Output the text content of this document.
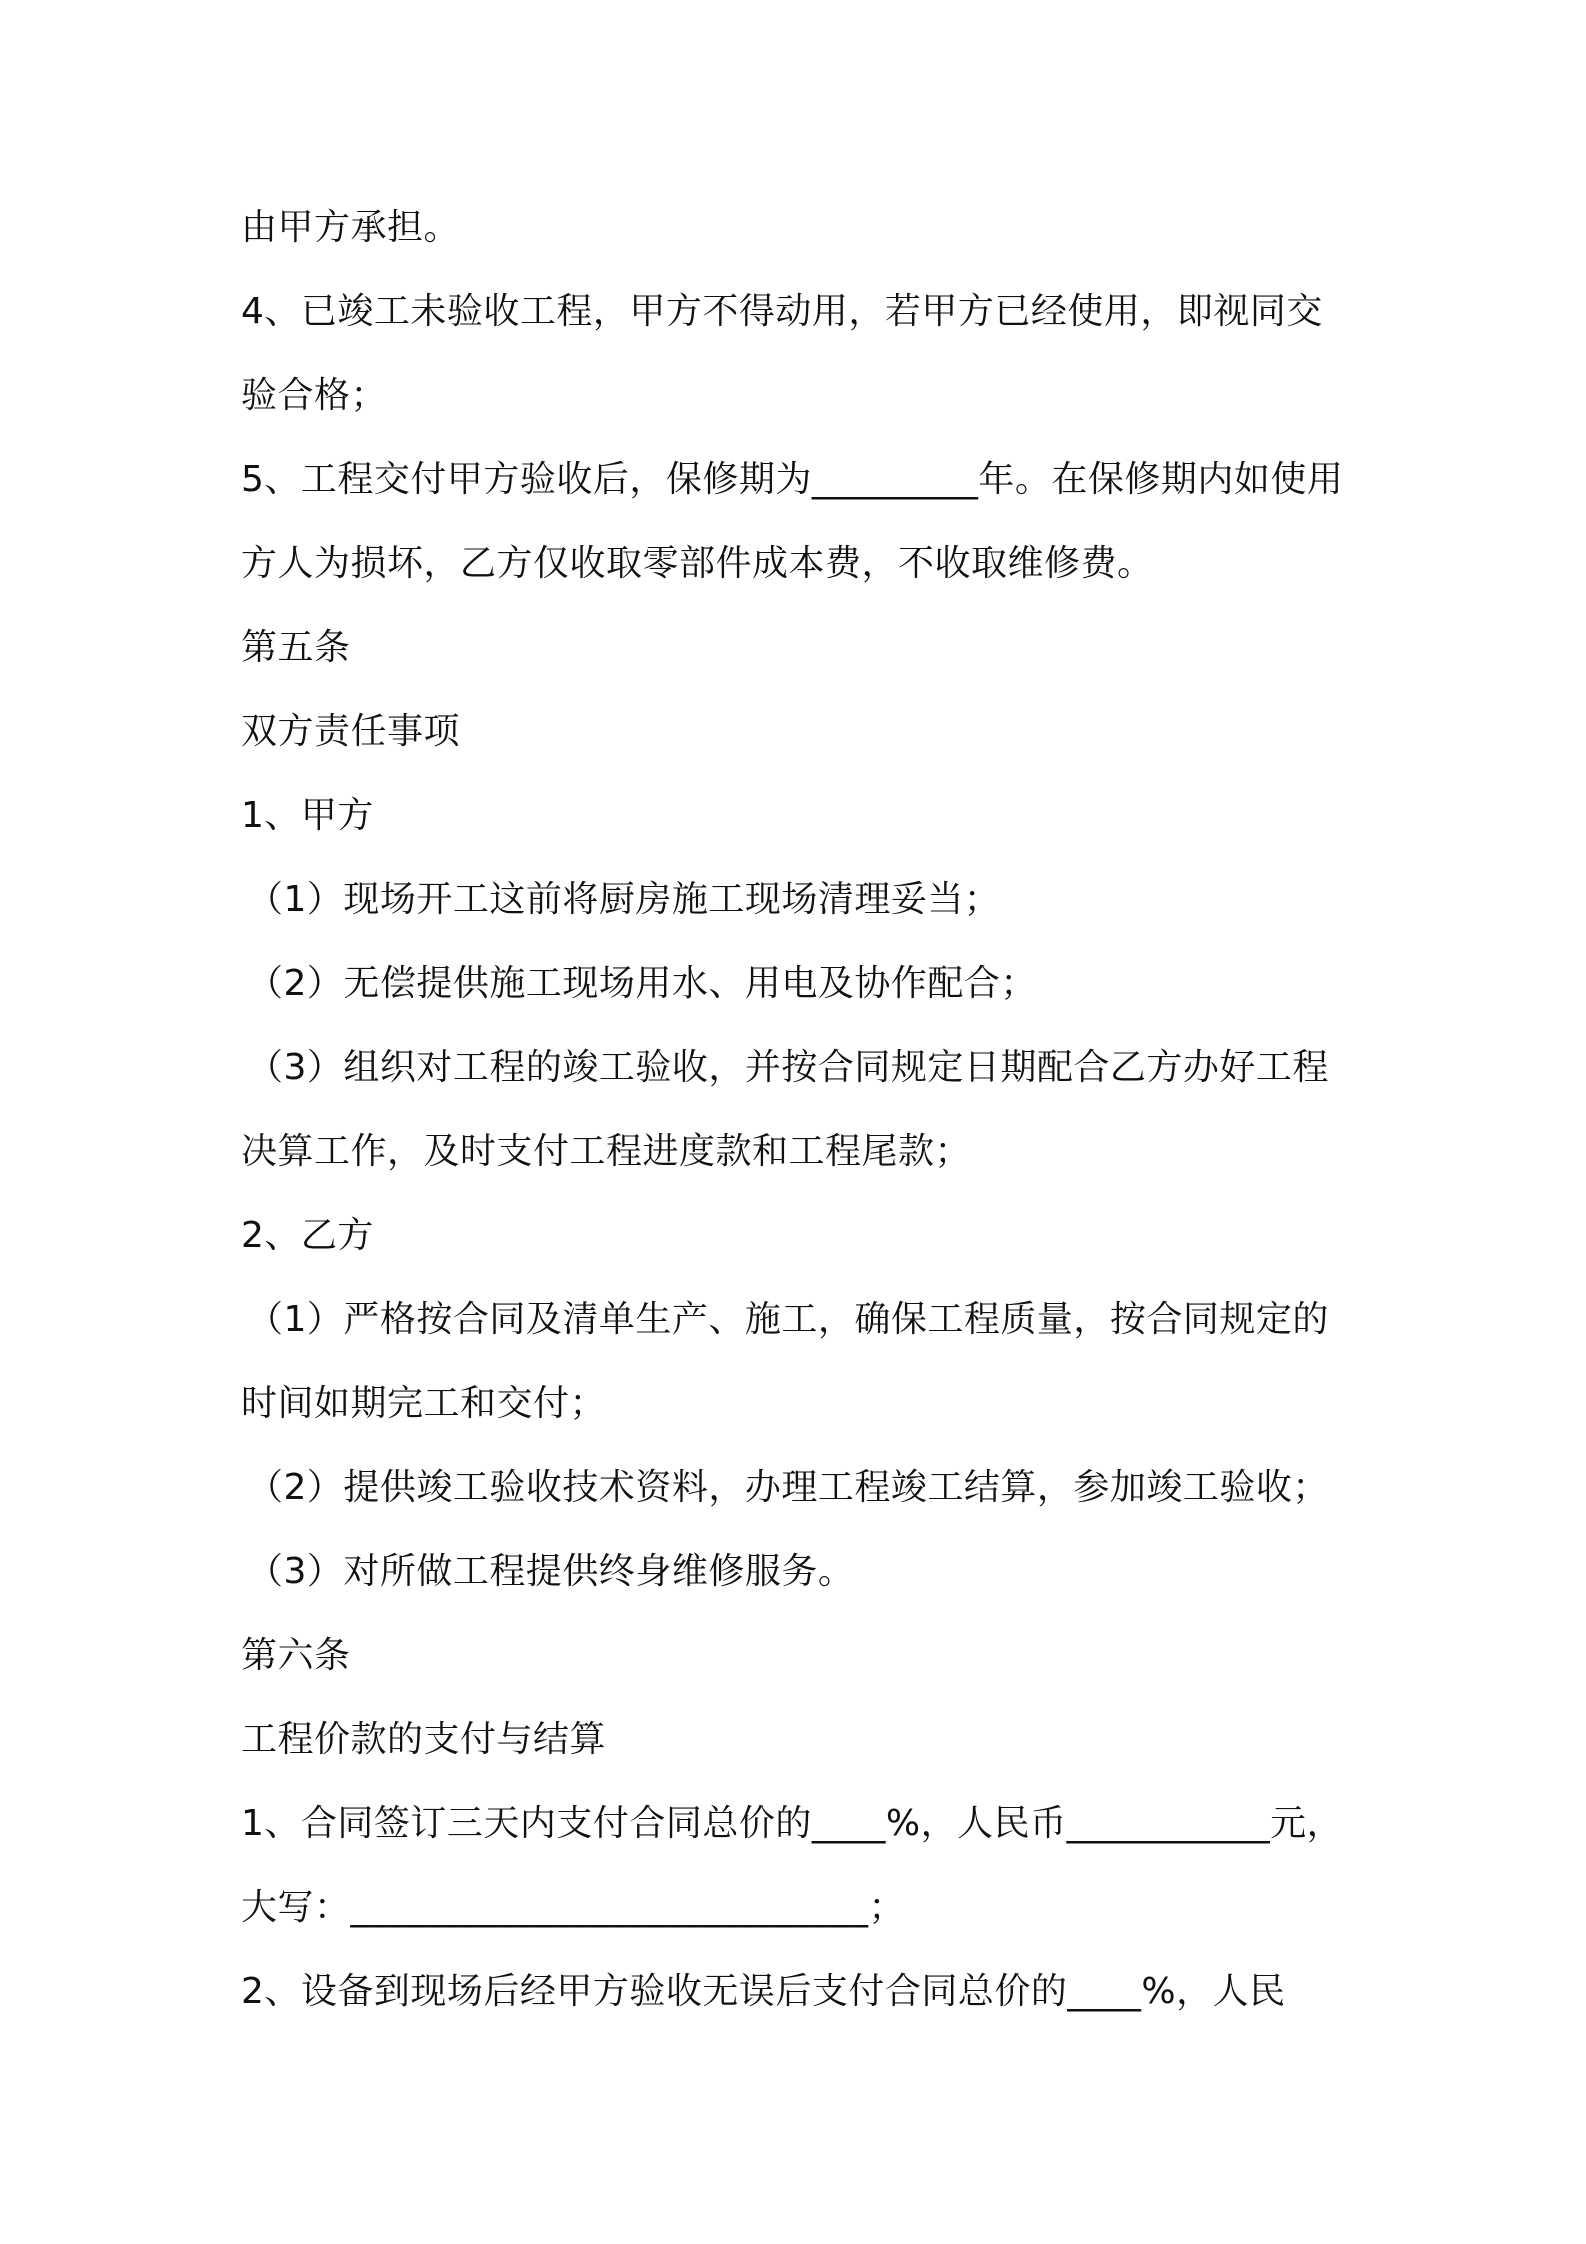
由甲方承担。
4、已竣工未验收工程，甲方不得动用，若甲方已经使用，即视同交
验合格；
5、工程交付甲方验收后，保修期为_________年。在保修期内如使用
方人为损坏，乙方仅收取零部件成本费，不收取维修费。
第五条
双方责任事项
1、甲方
（1）现场开工这前将厨房施工现场清理妥当；
（2）无偿提供施工现场用水、用电及协作配合；
（3）组织对工程的竣工验收，并按合同规定日期配合乙方办好工程
决算工作，及时支付工程进度款和工程尾款；
2、乙方
（1）严格按合同及清单生产、施工，确保工程质量，按合同规定的
时间如期完工和交付；
（2）提供竣工验收技术资料，办理工程竣工结算，参加竣工验收；
（3）对所做工程提供终身维修服务。
第六条
工程价款的支付与结算
1、合同签订三天内支付合同总价的____%，人民币___________元，
大写：____________________________；
2、设备到现场后经甲方验收无误后支付合同总价的____%，人民
